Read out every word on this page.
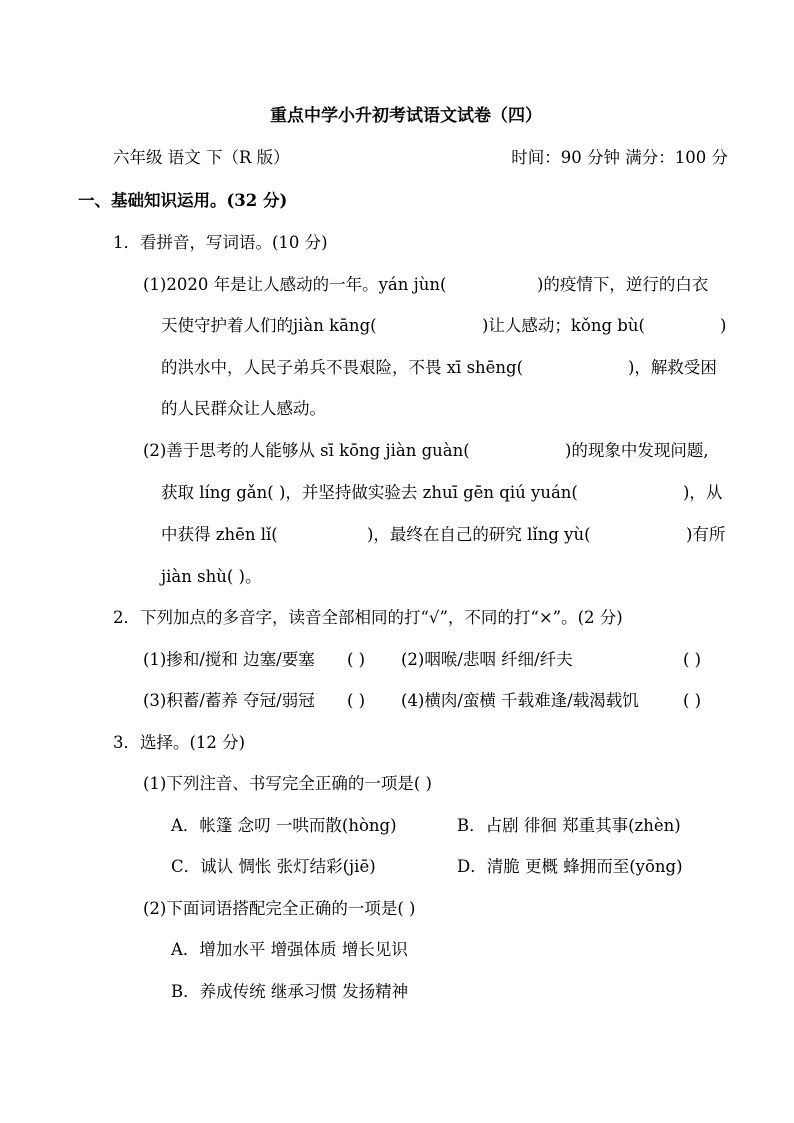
重点中学小升初考试语文试卷（四）
六年级 语文 下（R 版）	时间：90 分钟 满分：100 分
一、基础知识运用。(32 分)
1．看拼音，写词语。(10 分)
(1)2020 年是让人感动的一年。yán jùn(	)的疫情下，逆行的白衣
天使守护着人们的jiàn kāng(	)让人感动；kǒng bù(	)
的洪水中，人民子弟兵不畏艰险，不畏 xī shēng(	)，解救受困
的人民群众让人感动。
(2)善于思考的人能够从 sī kōng jiàn guàn(	)的现象中发现问题,
获取 líng gǎn( )，并坚持做实验去 zhuī gēn qiú yuán(	)，从
中获得 zhēn lǐ(	)，最终在自己的研究 lǐng yù(	)有所
jiàn shù( )。
2．下列加点的多音字，读音全部相同的打“√”，不同的打“×”。(2 分)
(1)掺和/搅和 边塞/要塞 ( ) (2)咽喉/悲咽 纤细/纤夫	( )
(3)积蓄/蓄养 夺冠/弱冠 ( ) (4)横肉/蛮横 千载难逢/载渴载饥	( )
3．选择。(12 分)
(1)下列注音、书写完全正确的一项是( )
A．帐篷 念叨 一哄而散(hòng)	B．占剧 徘徊 郑重其事(zhèn)
C．诚认 惆怅 张灯结彩(jiē)	D．清脆 更概 蜂拥而至(yōng)
(2)下面词语搭配完全正确的一项是( )
A．增加水平 增强体质 增长见识
B．养成传统 继承习惯 发扬精神
